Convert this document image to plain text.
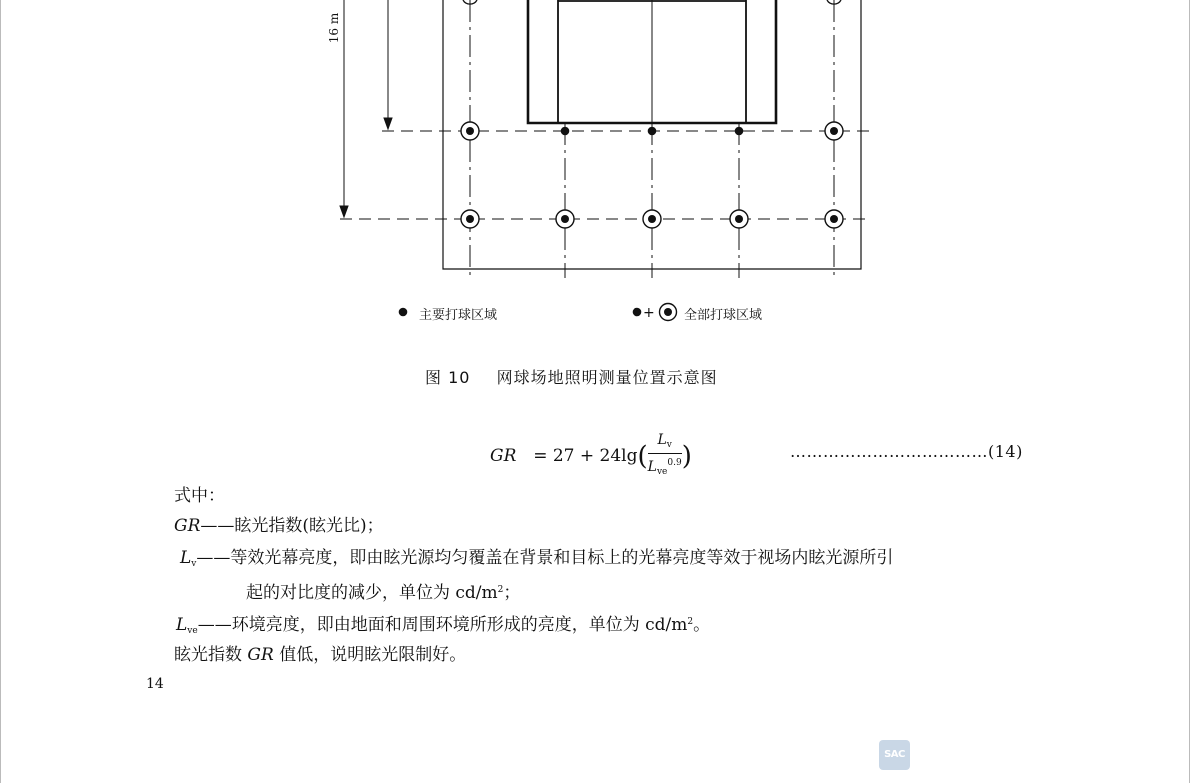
16 m
+
主要打球区域	全部打球区域
图 10 网球场地照明测量位置示意图
GR = $27 + 24\lg( \frac{L_v}{L_{ve}^{0.9}}$ )	………………………………(14)
式中：
GR——眩光指数(眩光比)；
$L_v——$等效光幕亮度，即由眩光源均匀覆盖在背景和目标上的光幕亮度等效于视场内眩光源所引
起的对比度的减少，单位为 $cd/m^2$；
$L_{ve}——$环境亮度，即由地面和周围环境所形成的亮度，单位为 $cd/m^2$。
眩光指数 GR 值低，说明眩光限制好。
14
SAC
